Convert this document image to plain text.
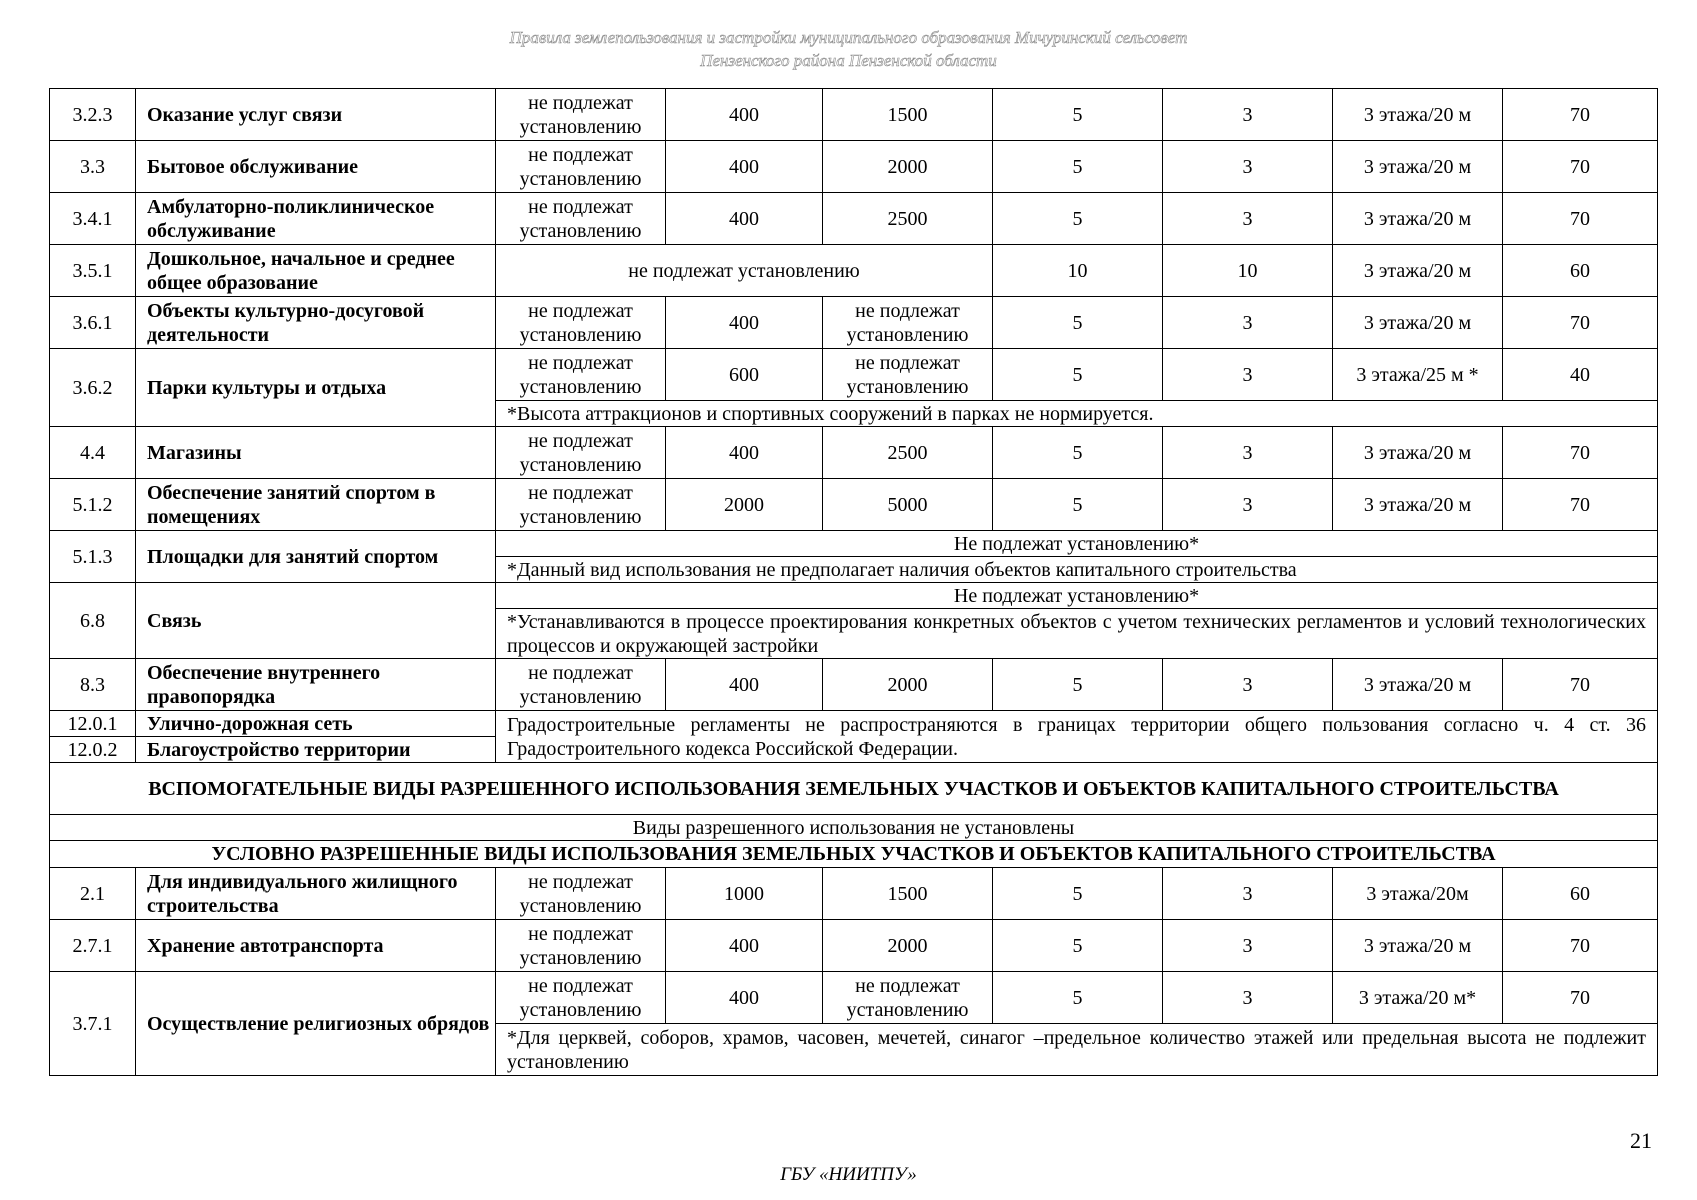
Правила землепользования и застройки муниципального образования Мичуринский сельсовет
Пензенского района Пензенской области
3.2.3	Оказание услуг связи	не подлежат установлению	400	1500	5	3	3 этажа/20 м	70
3.3	Бытовое обслуживание	не подлежат установлению	400	2000	5	3	3 этажа/20 м	70
3.4.1	Амбулаторно-поликлиническое обслуживание	не подлежат установлению	400	2500	5	3	3 этажа/20 м	70
3.5.1	Дошкольное, начальное и среднее общее образование	не подлежат установлению			10	10	3 этажа/20 м	60
3.6.1	Объекты культурно-досуговой деятельности	не подлежат установлению	400	не подлежат установлению	5	3	3 этажа/20 м	70
3.6.2	Парки культуры и отдыха	не подлежат установлению	600	не подлежат установлению	5	3	3 этажа/25 м *	40
		*Высота аттракционов и спортивных сооружений в парках не нормируется.						
4.4	Магазины	не подлежат установлению	400	2500	5	3	3 этажа/20 м	70
5.1.2	Обеспечение занятий спортом в помещениях	не подлежат установлению	2000	5000	5	3	3 этажа/20 м	70
5.1.3	Площадки для занятий спортом	Не подлежат установлению*						
		*Данный вид использования не предполагает наличия объектов капитального строительства						
6.8	Связь	Не подлежат установлению*						
		*Устанавливаются в процессе проектирования конкретных объектов с учетом технических регламентов и условий технологических процессов и окружающей застройки						
8.3	Обеспечение внутреннего правопорядка	не подлежат установлению	400	2000	5	3	3 этажа/20 м	70
12.0.1	Улично-дорожная сеть	Градостроительные регламенты не распространяются в границах территории общего пользования согласно ч. 4 ст. 36 Градостроительного кодекса Российской Федерации.						
12.0.2	Благоустройство территории							
ВСПОМОГАТЕЛЬНЫЕ ВИДЫ РАЗРЕШЕННОГО ИСПОЛЬЗОВАНИЯ ЗЕМЕЛЬНЫХ УЧАСТКОВ И ОБЪЕКТОВ КАПИТАЛЬНОГО СТРОИТЕЛЬСТВА								
Виды разрешенного использования не установлены								
УСЛОВНО РАЗРЕШЕННЫЕ ВИДЫ ИСПОЛЬЗОВАНИЯ ЗЕМЕЛЬНЫХ УЧАСТКОВ И ОБЪЕКТОВ КАПИТАЛЬНОГО СТРОИТЕЛЬСТВА								
2.1	Для индивидуального жилищного строительства	не подлежат установлению	1000	1500	5	3	3 этажа/20м	60
2.7.1	Хранение автотранспорта	не подлежат установлению	400	2000	5	3	3 этажа/20 м	70
3.7.1	Осуществление религиозных обрядов	не подлежат установлению	400	не подлежат установлению	5	3	3 этажа/20 м*	70
		*Для церквей, соборов, храмов, часовен, мечетей, синагог –предельное количество этажей или предельная высота не подлежит установлению						
21
ГБУ «НИИТПУ»
